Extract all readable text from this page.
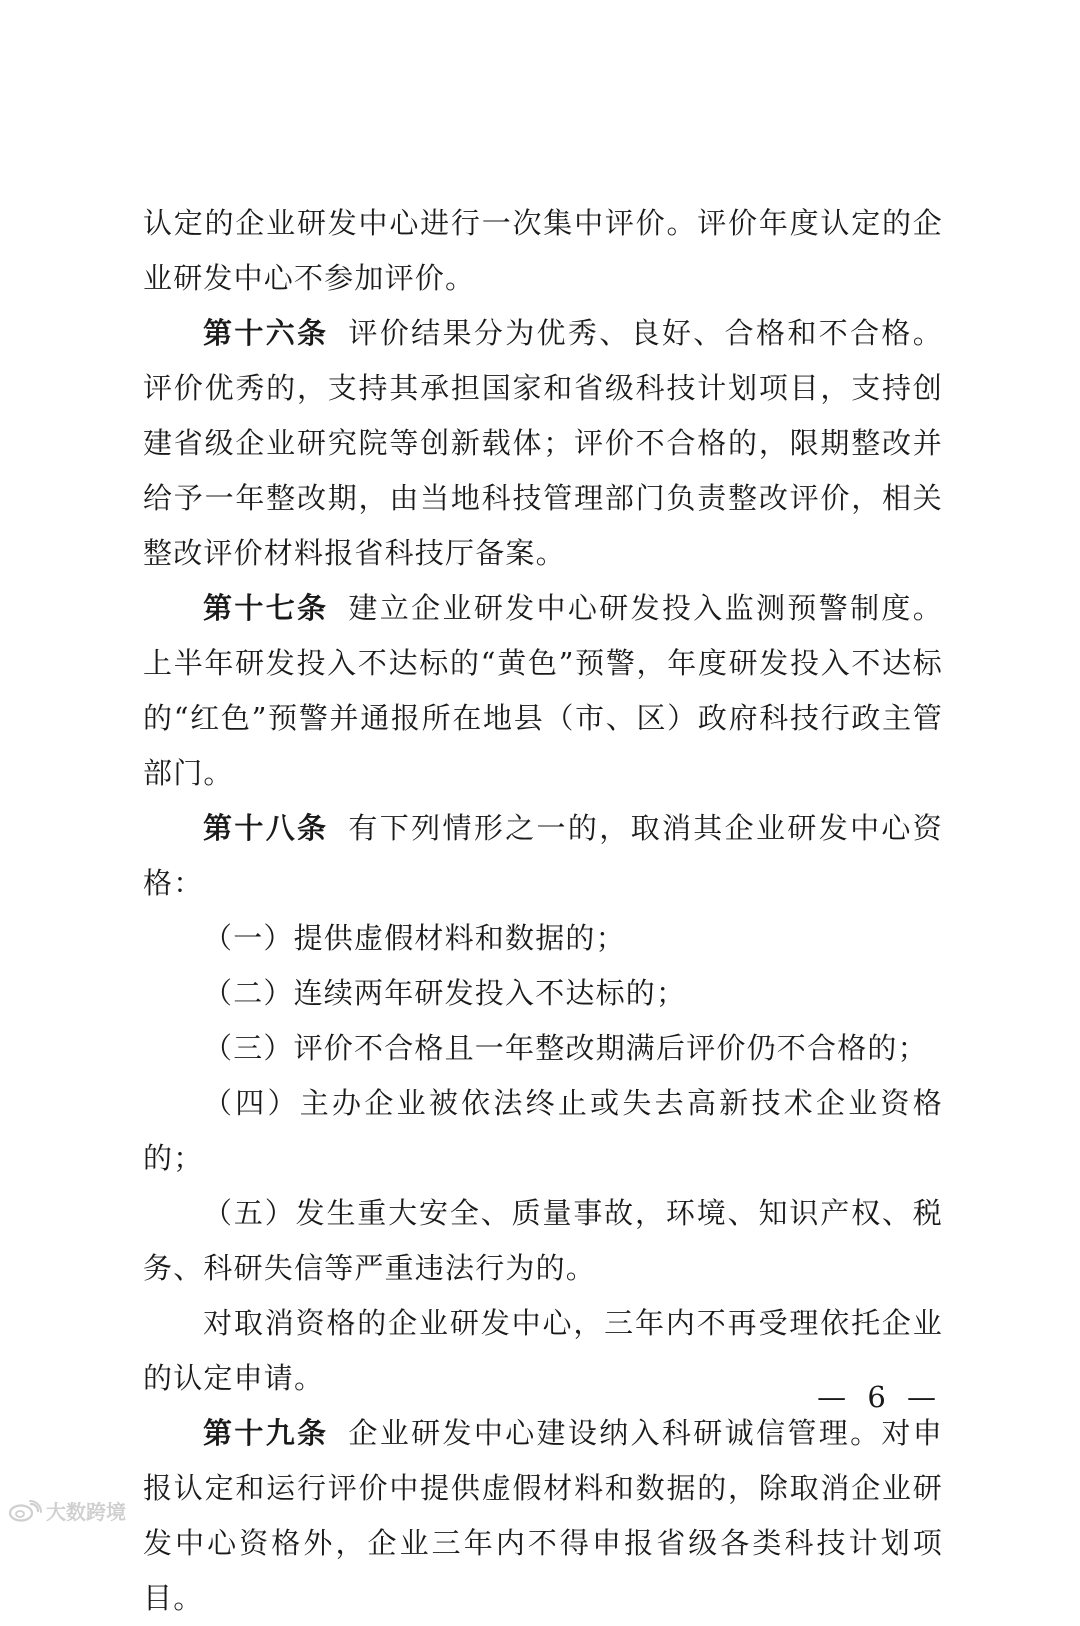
认定的企业研发中心进行一次集中评价。评价年度认定的企业研发中心不参加评价。

第十六条 评价结果分为优秀、良好、合格和不合格。评价优秀的，支持其承担国家和省级科技计划项目，支持创建省级企业研究院等创新载体；评价不合格的，限期整改并给予一年整改期，由当地科技管理部门负责整改评价，相关整改评价材料报省科技厅备案。

第十七条 建立企业研发中心研发投入监测预警制度。上半年研发投入不达标的“黄色”预警，年度研发投入不达标的“红色”预警并通报所在地县（市、区）政府科技行政主管部门。

第十八条 有下列情形之一的，取消其企业研发中心资格：

（一）提供虚假材料和数据的；

（二）连续两年研发投入不达标的；

（三）评价不合格且一年整改期满后评价仍不合格的；

（四）主办企业被依法终止或失去高新技术企业资格的；

（五）发生重大安全、质量事故，环境、知识产权、税务、科研失信等严重违法行为的。

对取消资格的企业研发中心，三年内不再受理依托企业的认定申请。

第十九条 企业研发中心建设纳入科研诚信管理。对申报认定和运行评价中提供虚假材料和数据的，除取消企业研发中心资格外，企业三年内不得申报省级各类科技计划项目。

— 6 —
大数跨境
